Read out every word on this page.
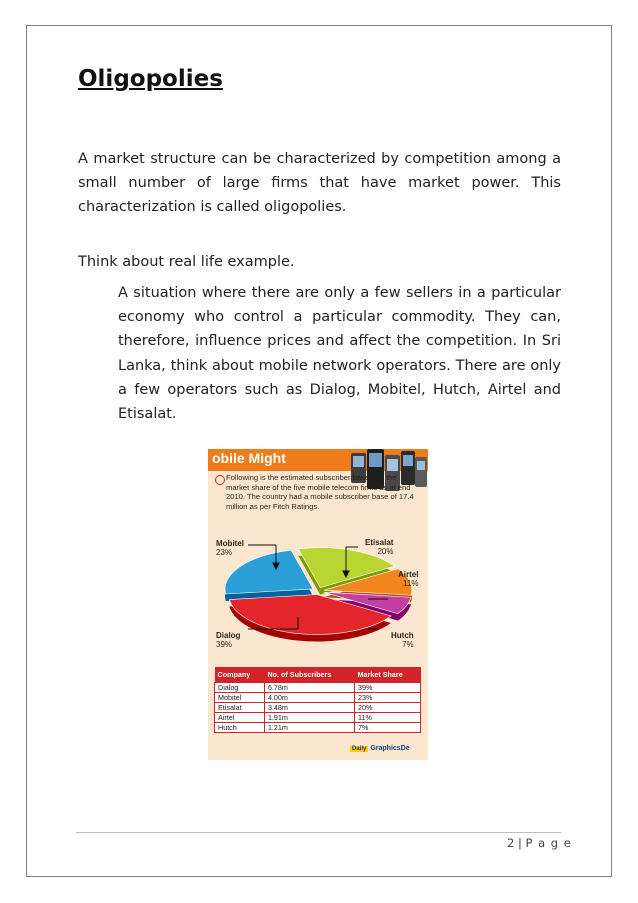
Oligopolies

A market structure can be characterized by competition among a small number of large firms that have market power. This characterization is called oligopolies.

Think about real life example.

A situation where there are only a few sellers in a particular economy who control a particular commodity. They can, therefore, influence prices and affect the competition. In Sri Lanka, think about mobile network operators. There are only a few operators such as Dialog, Mobitel, Hutch, Airtel and Etisalat.

obile Might
Following is the estimated subscriber base and the market share of the five mobile telecom firms as at end 2010. The country had a mobile subscriber base of 17.4 million as per Fitch Ratings.
Mobitel
23%
Etisalat
20%
Airtel
11%
Hutch
7%
Dialog
39%
Company	No. of Subscribers	Market Share
Dialog	6.78m	39%
Mobitel	4.00m	23%
Etisalat	3.48m	20%
Airtel	1.91m	11%
Hutch	1.21m	7%
Daily GraphicsDe
2 | P a g e
